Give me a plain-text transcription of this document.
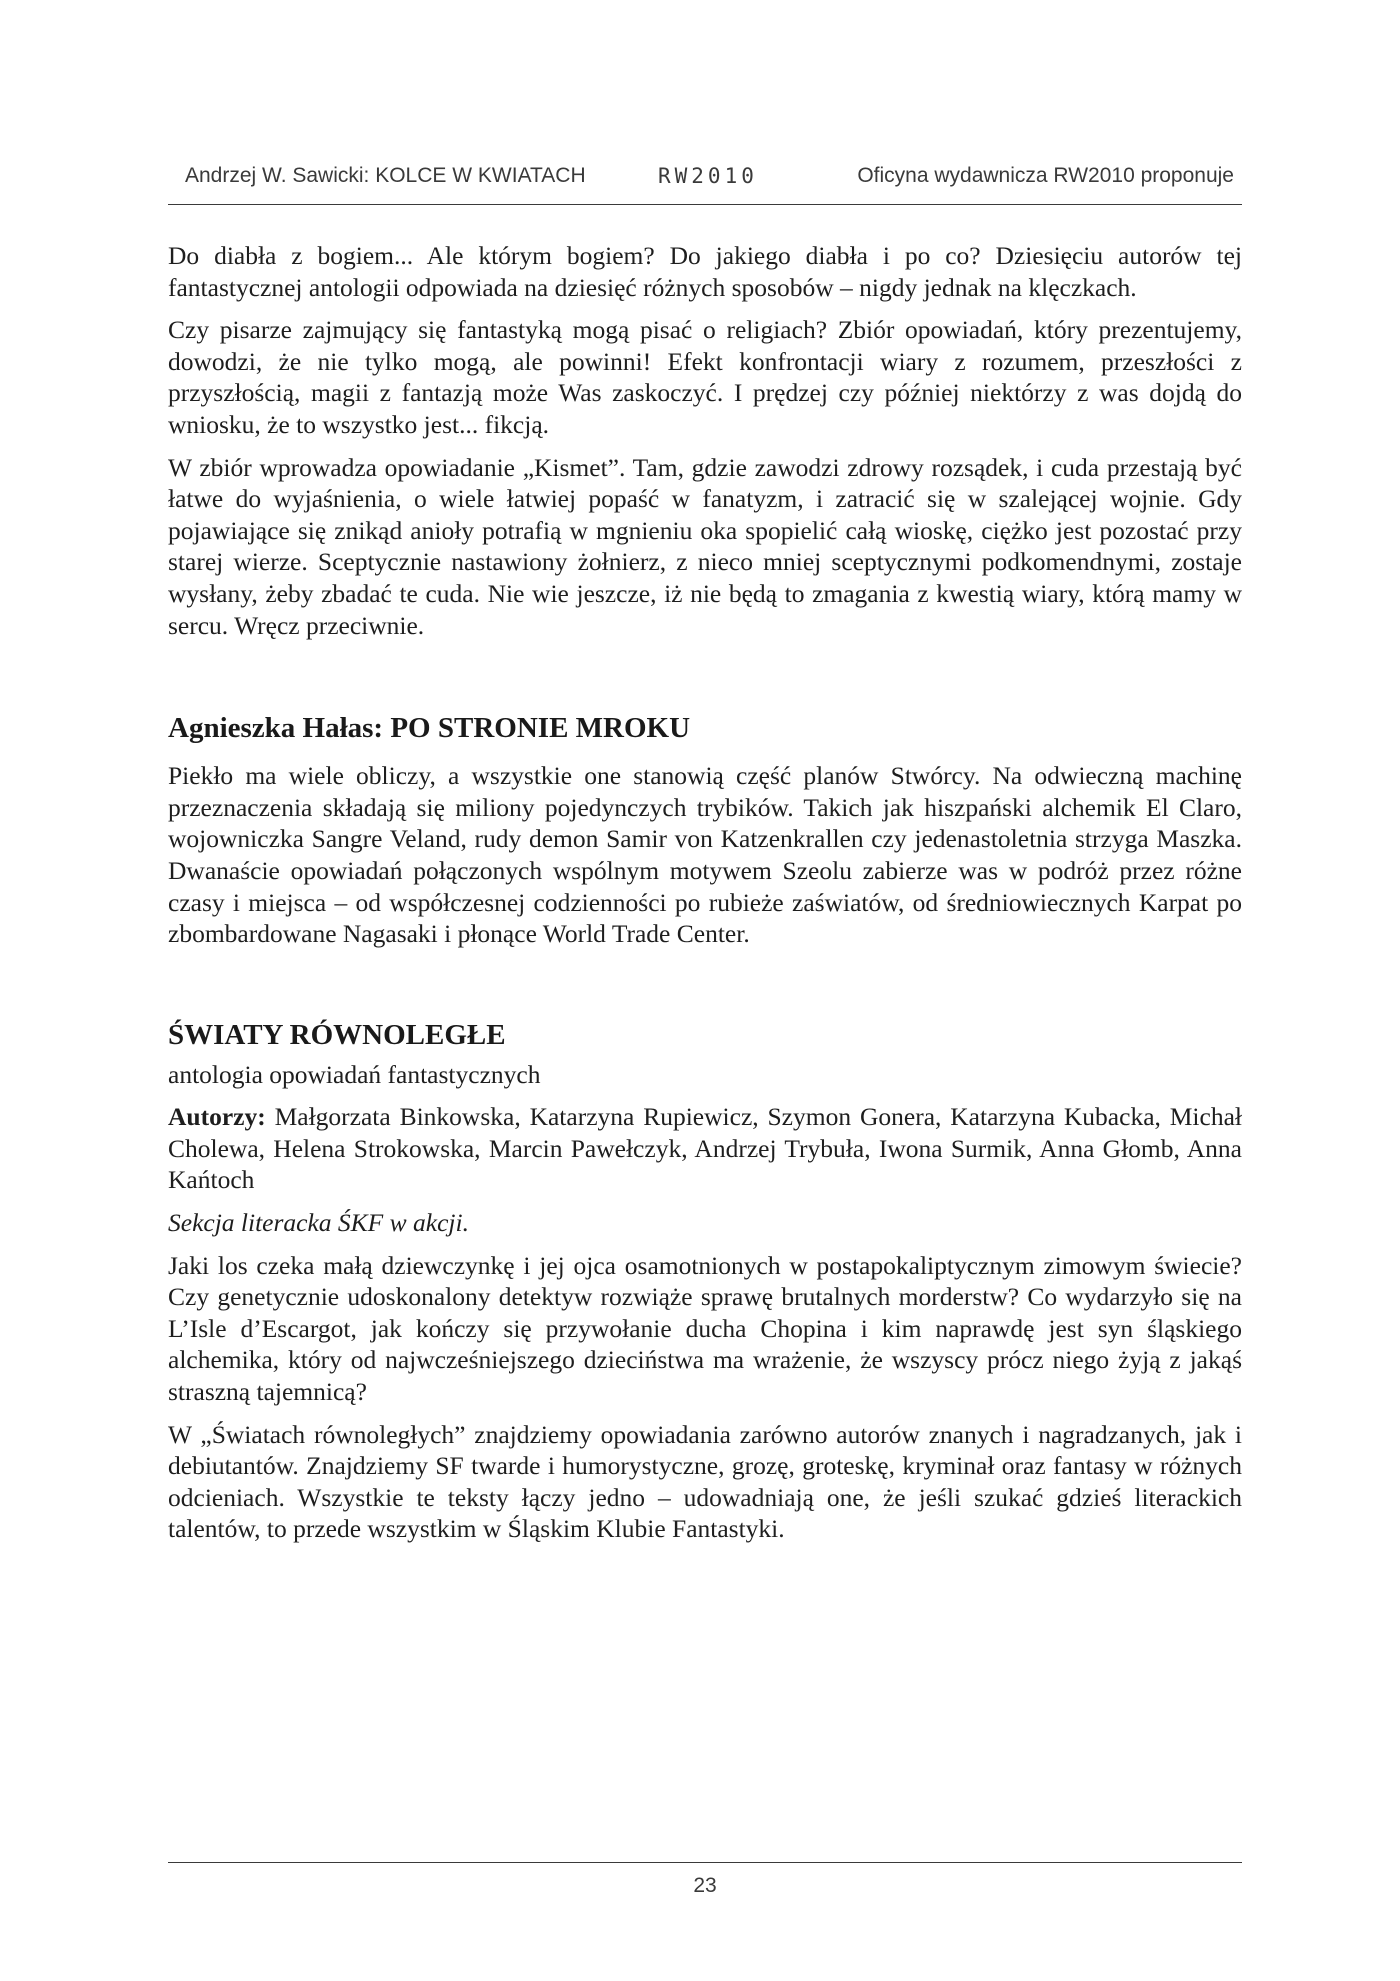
Andrzej W. Sawicki: KOLCE W KWIATACH	RW2010	Oficyna wydawnicza RW2010 proponuje

Do diabła z bogiem... Ale którym bogiem? Do jakiego diabła i po co? Dziesięciu autorów tej fantastycznej antologii odpowiada na dziesięć różnych sposobów – nigdy jednak na klęczkach.

Czy pisarze zajmujący się fantastyką mogą pisać o religiach? Zbiór opowiadań, który prezentujemy, dowodzi, że nie tylko mogą, ale powinni! Efekt konfrontacji wiary z rozumem, przeszłości z przyszłością, magii z fantazją może Was zaskoczyć. I prędzej czy później niektórzy z was dojdą do wniosku, że to wszystko jest... fikcją.

W zbiór wprowadza opowiadanie „Kismet”. Tam, gdzie zawodzi zdrowy rozsądek, i cuda przestają być łatwe do wyjaśnienia, o wiele łatwiej popaść w fanatyzm, i zatracić się w szalejącej wojnie. Gdy pojawiające się znikąd anioły potrafią w mgnieniu oka spopielić całą wioskę, ciężko jest pozostać przy starej wierze. Sceptycznie nastawiony żołnierz, z nieco mniej sceptycznymi podkomendnymi, zostaje wysłany, żeby zbadać te cuda. Nie wie jeszcze, iż nie będą to zmagania z kwestią wiary, którą mamy w sercu. Wręcz przeciwnie.

Agnieszka Hałas: PO STRONIE MROKU

Piekło ma wiele obliczy, a wszystkie one stanowią część planów Stwórcy. Na odwieczną machinę przeznaczenia składają się miliony pojedynczych trybików. Takich jak hiszpański alchemik El Claro, wojowniczka Sangre Veland, rudy demon Samir von Katzenkrallen czy jedenastoletnia strzyga Maszka. Dwanaście opowiadań połączonych wspólnym motywem Szeolu zabierze was w podróż przez różne czasy i miejsca – od współczesnej codzienności po rubieże zaświatów, od średniowiecznych Karpat po zbombardowane Nagasaki i płonące World Trade Center.

ŚWIATY RÓWNOLEGŁE

antologia opowiadań fantastycznych

Autorzy: Małgorzata Binkowska, Katarzyna Rupiewicz, Szymon Gonera, Katarzyna Kubacka, Michał Cholewa, Helena Strokowska, Marcin Pawełczyk, Andrzej Trybuła, Iwona Surmik, Anna Głomb, Anna Kańtoch

Sekcja literacka ŚKF w akcji.

Jaki los czeka małą dziewczynkę i jej ojca osamotnionych w postapokaliptycznym zimowym świecie? Czy genetycznie udoskonalony detektyw rozwiąże sprawę brutalnych morderstw? Co wydarzyło się na L’Isle d’Escargot, jak kończy się przywołanie ducha Chopina i kim naprawdę jest syn śląskiego alchemika, który od najwcześniejszego dzieciństwa ma wrażenie, że wszyscy prócz niego żyją z jakąś straszną tajemnicą?

W „Światach równoległych” znajdziemy opowiadania zarówno autorów znanych i nagradzanych, jak i debiutantów. Znajdziemy SF twarde i humorystyczne, grozę, groteskę, kryminał oraz fantasy w różnych odcieniach. Wszystkie te teksty łączy jedno – udowadniają one, że jeśli szukać gdzieś literackich talentów, to przede wszystkim w Śląskim Klubie Fantastyki.

23
